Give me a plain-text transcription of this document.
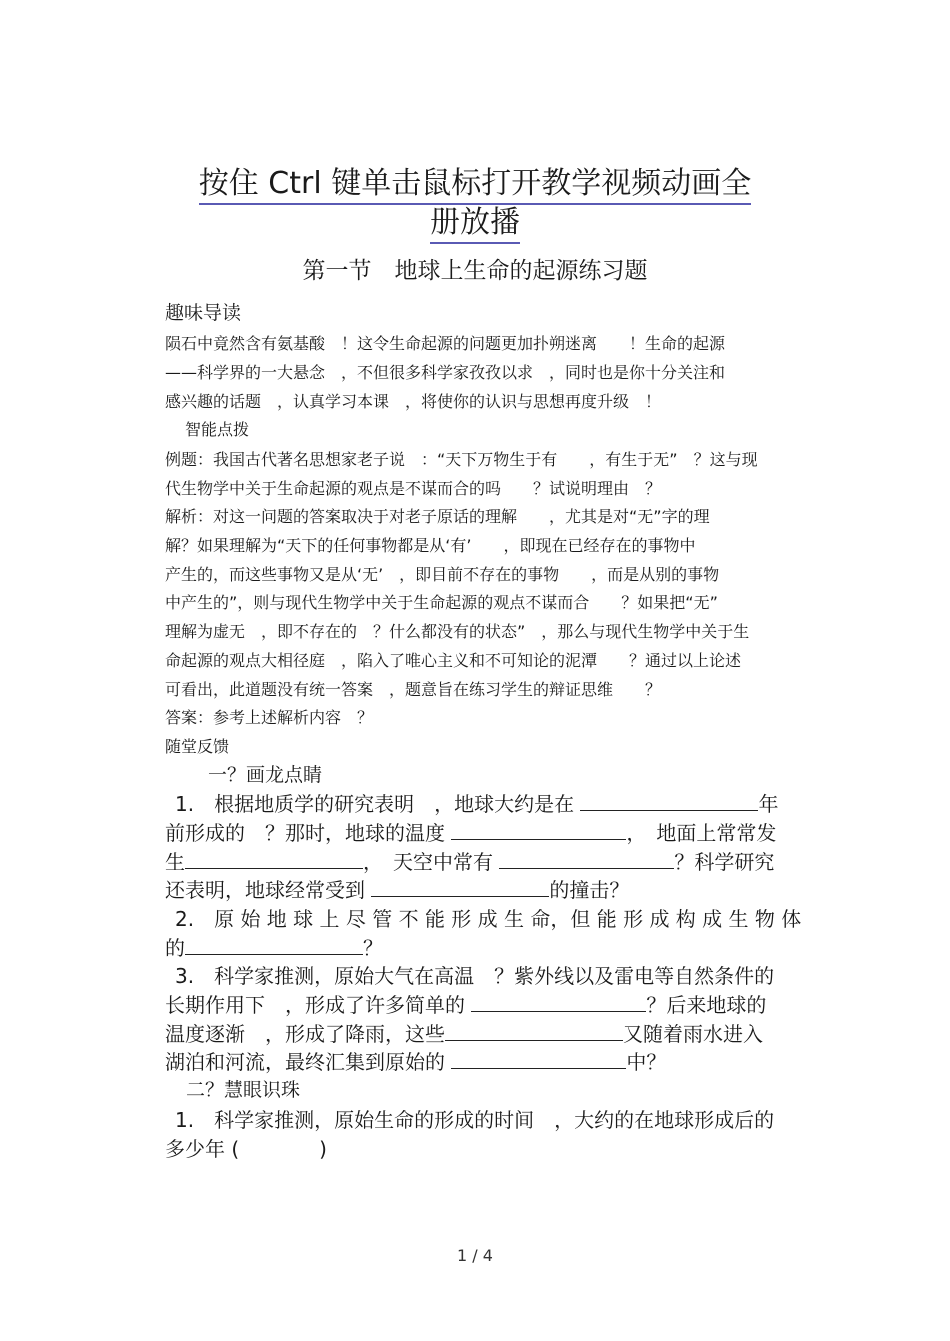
按住 Ctrl 键单击鼠标打开教学视频动画全
册放播
第一节　地球上生命的起源练习题
趣味导读
陨石中竟然含有氨基酸　！这令生命起源的问题更加扑朔迷离　　！生命的起源
——科学界的一大悬念　，不但很多科学家孜孜以求　，同时也是你十分关注和
感兴趣的话题　，认真学习本课　，将使你的认识与思想再度升级　！
智能点拨
例题：我国古代著名思想家老子说　：“天下万物生于有　　，有生于无”　？这与现
代生物学中关于生命起源的观点是不谋而合的吗　　？试说明理由　？
解析：对这一问题的答案取决于对老子原话的理解　　，尤其是对“无”字的理
解？如果理解为“天下的任何事物都是从‘有’　　，即现在已经存在的事物中
产生的，而这些事物又是从‘无’　，即目前不存在的事物　　，而是从别的事物
中产生的”，则与现代生物学中关于生命起源的观点不谋而合　　？如果把“无”
理解为虚无　，即不存在的　？什么都没有的状态”　，那么与现代生物学中关于生
命起源的观点大相径庭　，陷入了唯心主义和不可知论的泥潭　　？通过以上论述
可看出，此道题没有统一答案　，题意旨在练习学生的辩证思维　　？
答案：参考上述解析内容　？
随堂反馈
一？画龙点睛
1.　根据地质学的研究表明　，地球大约是在	年
前形成的　？那时，地球的温度	，　地面上常常发
生	，　天空中常有	？科学研究
还表明，地球经常受到	的撞击？
2.　原 始 地 球 上 尽 管 不 能 形 成 生 命，但 能 形 成 构 成 生 物 体
的	？
3.　科学家推测，原始大气在高温　？紫外线以及雷电等自然条件的
长期作用下　，形成了许多简单的	？后来地球的
温度逐渐　，形成了降雨，这些	又随着雨水进入
湖泊和河流，最终汇集到原始的	中？
二？慧眼识珠
1.　科学家推测，原始生命的形成的时间　，大约的在地球形成后的
多少年 (　　　　)
1 / 4
